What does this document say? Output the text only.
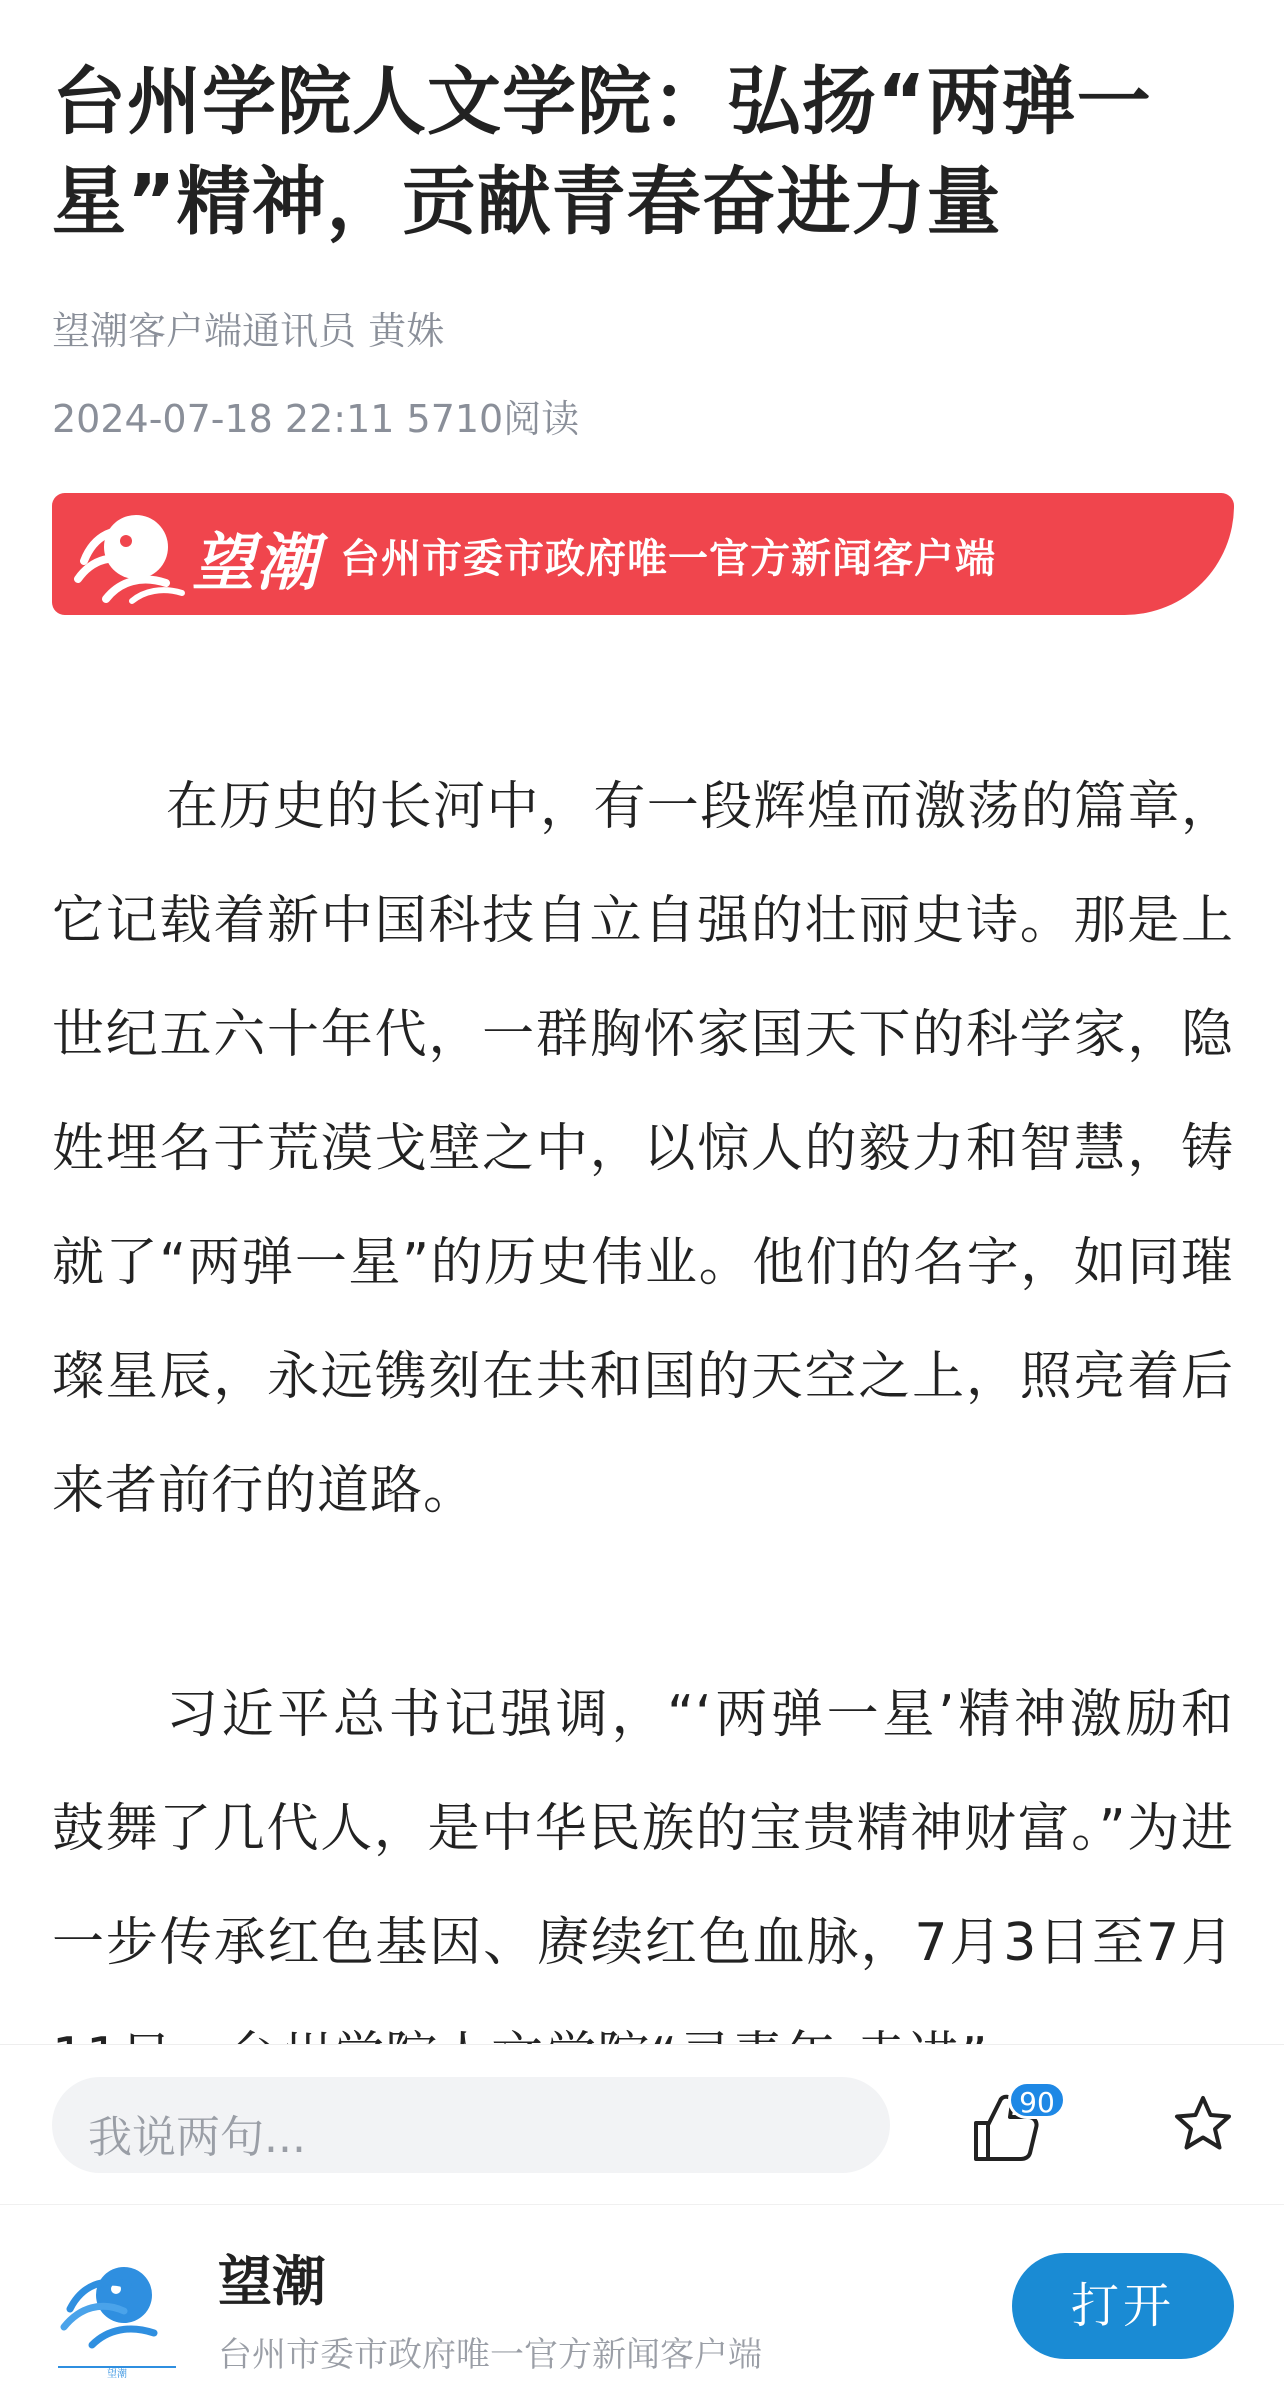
台州学院人文学院：弘扬“两弹一星”精神，贡献青春奋进力量
望潮客户端通讯员 黄姝
2024-07-18 22:11 5710阅读
望潮 台州市委市政府唯一官方新闻客户端

在历史的长河中，有一段辉煌而激荡的篇章，它记载着新中国科技自立自强的壮丽史诗。那是上世纪五六十年代，一群胸怀家国天下的科学家，隐姓埋名于荒漠戈壁之中，以惊人的毅力和智慧，铸就了“两弹一星”的历史伟业。他们的名字，如同璀璨星辰，永远镌刻在共和国的天空之上，照亮着后来者前行的道路。

习近平总书记强调，“‘两弹一星’精神激励和鼓舞了几代人，是中华民族的宝贵精神财富。”为进一步传承红色基因、赓续红色血脉，7月3日至7月

我说两句...
90
望潮
望潮
台州市委市政府唯一官方新闻客户端
打开
